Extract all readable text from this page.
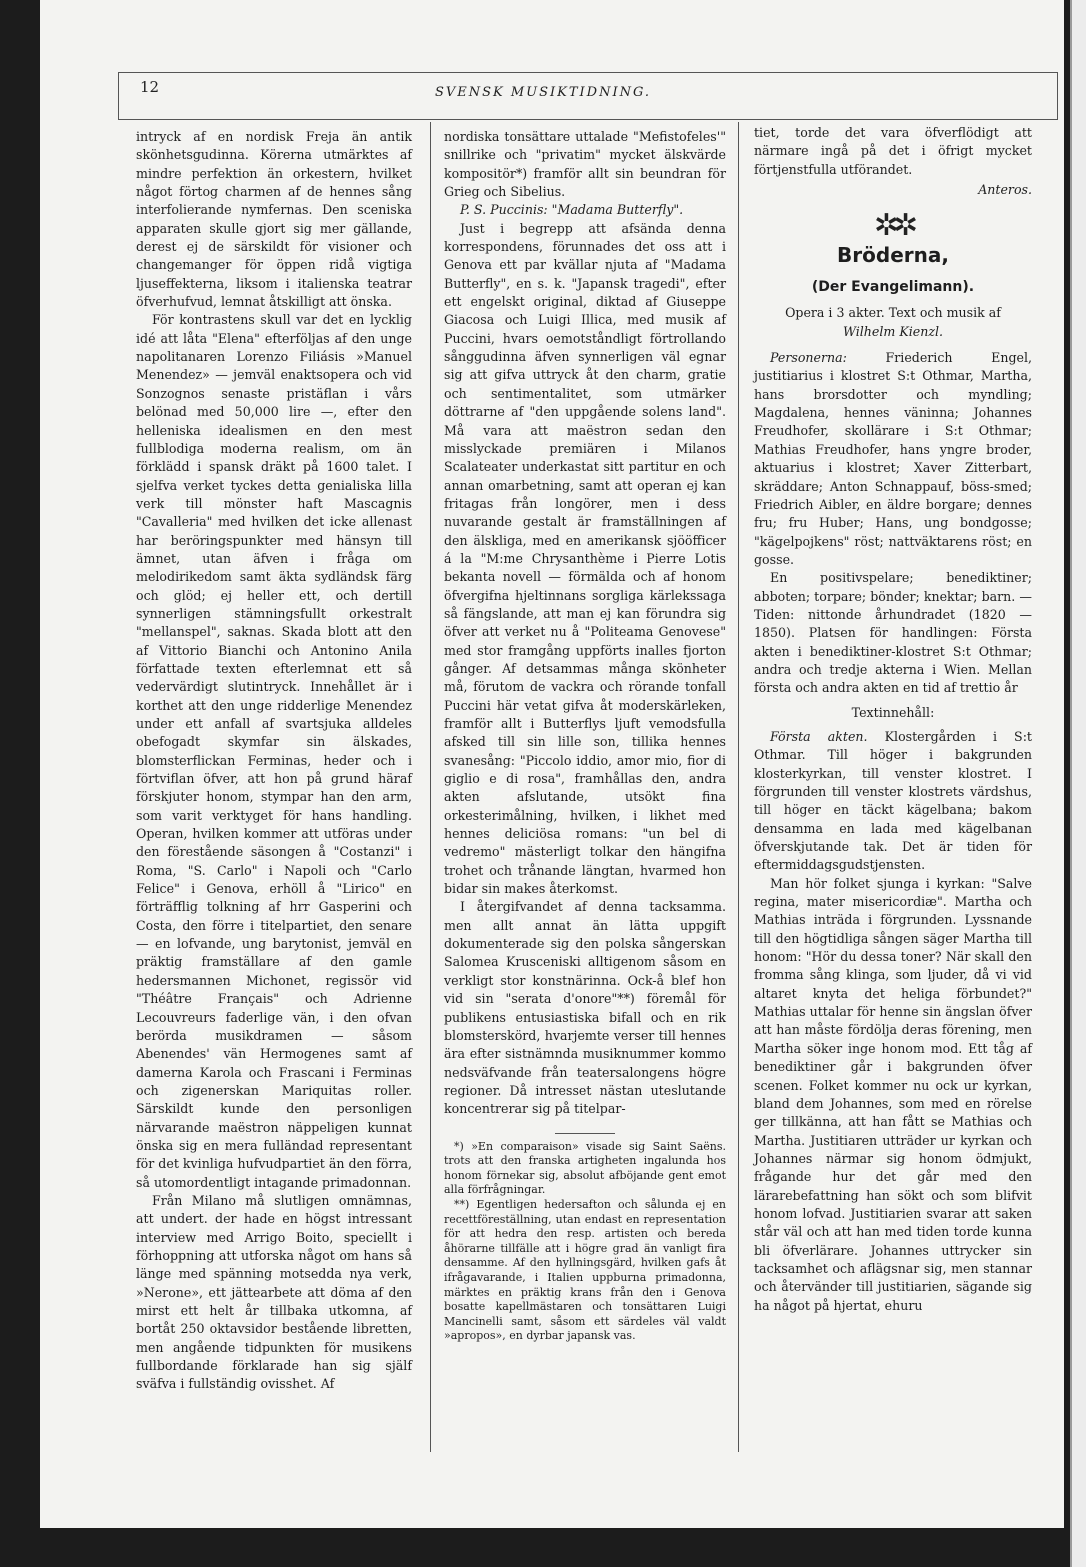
12	SVENSK MUSIKTIDNING.

intryck af en nordisk Freja än antik skönhetsgudinna. Körerna utmärktes af mindre perfektion än orkestern, hvilket något förtog charmen af de hennes sång interfolierande nymfernas. Den sceniska apparaten skulle gjort sig mer gällande, derest ej de särskildt för visioner och changemanger för öppen ridå vigtiga ljuseffekterna, liksom i italienska teatrar öfverhufvud, lemnat åtskilligt att önska.

För kontrastens skull var det en lycklig idé att låta "Elena" efterföljas af den unge napolitanaren Lorenzo Filiásis »Manuel Menendez» — jemväl enaktsopera och vid Sonzognos senaste pristäflan i vårs belönad med 50,000 lire —, efter den helleniska idealismen en den mest fullblodiga moderna realism, om än förklädd i spansk dräkt på 1600 talet. I sjelfva verket tyckes detta genialiska lilla verk till mönster haft Mascagnis "Cavalleria" med hvilken det icke allenast har beröringspunkter med hänsyn till ämnet, utan äfven i fråga om melodirikedom samt äkta sydländsk färg och glöd; ej heller ett, och dertill synnerligen stämningsfullt orkestralt "mellanspel", saknas. Skada blott att den af Vittorio Bianchi och Antonino Anila författade texten efterlemnat ett så vedervärdigt slutintryck. Innehållet är i korthet att den unge ridderlige Menendez under ett anfall af svartsjuka alldeles obefogadt skymfar sin älskades, blomsterflickan Ferminas, heder och i förtviflan öfver, att hon på grund häraf förskjuter honom, stympar han den arm, som varit verktyget för hans handling. Operan, hvilken kommer att utföras under den förestående säsongen å "Costanzi" i Roma, "S. Carlo" i Napoli och "Carlo Felice" i Genova, erhöll å "Lirico" en förträfflig tolkning af hrr Gasperini och Costa, den förre i titelpartiet, den senare — en lofvande, ung barytonist, jemväl en präktig framställare af den gamle hedersmannen Michonet, regissör vid "Théâtre Français" och Adrienne Lecouvreurs faderlige vän, i den ofvan berörda musikdramen — såsom Abenendes' vän Hermogenes samt af damerna Karola och Frascani i Ferminas och zigenerskan Mariquitas roller. Särskildt kunde den personligen närvarande maëstron näppeligen kunnat önska sig en mera fulländad representant för det kvinliga hufvudpartiet än den förra, så utomordentligt intagande primadonnan.

Från Milano må slutligen omnämnas, att undert. der hade en högst intressant interview med Arrigo Boito, speciellt i förhoppning att utforska något om hans så länge med spänning motsedda nya verk, »Nerone», ett jättearbete att döma af den mirst ett helt år tillbaka utkomna, af bortåt 250 oktavsidor bestående libretten, men angående tidpunkten för musikens fullbordande förklarade han sig själf sväfva i fullständig ovisshet. Af

nordiska tonsättare uttalade "Mefistofeles'" snillrike och "privatim" mycket älskvärde kompositör*) framför allt sin beundran för Grieg och Sibelius.

P. S. Puccinis: "Madama Butterfly".

Just i begrepp att afsända denna korrespondens, förunnades det oss att i Genova ett par kvällar njuta af "Madama Butterfly", en s. k. "Japansk tragedi", efter ett engelskt original, diktad af Giuseppe Giacosa och Luigi Illica, med musik af Puccini, hvars oemotståndligt förtrollando sånggudinna äfven synnerligen väl egnar sig att gifva uttryck åt den charm, gratie och sentimentalitet, som utmärker döttrarne af "den uppgående solens land". Må vara att maëstron sedan den misslyckade premiären i Milanos Scalateater underkastat sitt partitur en och annan omarbetning, samt att operan ej kan fritagas från longörer, men i dess nuvarande gestalt är framställningen af den älskliga, med en amerikansk sjööfficer á la "M:me Chrysanthème i Pierre Lotis bekanta novell — förmälda och af honom öfvergifna hjeltinnans sorgliga kärlekssaga så fängslande, att man ej kan förundra sig öfver att verket nu å "Politeama Genovese" med stor framgång uppförts inalles fjorton gånger. Af detsammas många skönheter må, förutom de vackra och rörande tonfall Puccini här vetat gifva åt moderskärleken, framför allt i Butterflys ljuft vemodsfulla afsked till sin lille son, tillika hennes svanesång: "Piccolo iddio, amor mio, fior di giglio e di rosa", framhållas den, andra akten afslutande, utsökt fina orkesterimålning, hvilken, i likhet med hennes deliciösa romans: "un bel di vedremo" mästerligt tolkar den hängifna trohet och trånande längtan, hvarmed hon bidar sin makes återkomst.

I återgifvandet af denna tacksamma. men allt annat än lätta uppgift dokumenterade sig den polska sångerskan Salomea Krusceniski alltigenom såsom en verkligt stor konstnärinna. Ock-å blef hon vid sin "serata d'onore"**) föremål för publikens entusiastiska bifall och en rik blomsterskörd, hvarjemte verser till hennes ära efter sistnämnda musiknummer kommo nedsväfvande från teatersalongens högre regioner. Då intresset nästan uteslutande koncentrerar sig på titelpar-

*) »En comparaison» visade sig Saint Saëns. trots att den franska artigheten ingalunda hos honom förnekar sig, absolut afböjande gent emot alla förfrågningar.

**) Egentligen hedersafton och sålunda ej en recettföreställning, utan endast en representation för att hedra den resp. artisten och bereda åhörarne tillfälle att i högre grad än vanligt fira densamme. Af den hyllningsgärd, hvilken gafs åt ifrågavarande, i Italien uppburna primadonna, märktes en präktig krans från den i Genova bosatte kapellmästaren och tonsättaren Luigi Mancinelli samt, såsom ett särdeles väl valdt »apropos», en dyrbar japansk vas.

tiet, torde det vara öfverflödigt att närmare ingå på det i öfrigt mycket förtjenstfulla utförandet.

Anteros.
✲✲
Bröderna,
(Der Evangelimann).

Opera i 3 akter. Text och musik af

Wilhelm Kienzl.

Personerna:	Friederich Engel, justitiarius i klostret S:t Othmar, Martha, hans brorsdotter och myndling; Magdalena, hennes väninna; Johannes Freudhofer, skollärare i S:t Othmar; Mathias Freudhofer, hans yngre broder, aktuarius i klostret; Xaver Zitterbart, skräddare; Anton Schnappauf, böss-smed; Friedrich Aibler, en äldre borgare; dennes fru; fru Huber; Hans, ung bondgosse; "kägelpojkens" röst; nattväktarens röst; en gosse.

En positivspelare; benediktiner; abboten; torpare; bönder; knektar; barn. — Tiden: nittonde århundradet (1820 —1850). Platsen för handlingen: Första akten i benediktiner-klostret S:t Othmar; andra och tredje akterna i Wien. Mellan första och andra akten en tid af trettio år

Textinnehåll:

Första akten. Klostergården i S:t Othmar. Till höger i bakgrunden klosterkyrkan, till venster klostret. I förgrunden till venster klostrets värdshus, till höger en täckt kägelbana; bakom densamma en lada med kägelbanan öfverskjutande tak. Det är tiden för eftermiddagsgudstjensten.

Man hör folket sjunga i kyrkan: "Salve regina, mater misericordiæ". Martha och Mathias inträda i förgrunden. Lyssnande till den högtidliga sången säger Martha till honom: "Hör du dessa toner? När skall den fromma sång klinga, som ljuder, då vi vid altaret knyta det heliga förbundet?" Mathias uttalar för henne sin ängslan öfver att han måste fördölja deras förening, men Martha söker inge honom mod. Ett tåg af benediktiner går i bakgrunden öfver scenen. Folket kommer nu ock ur kyrkan, bland dem Johannes, som med en rörelse ger tillkänna, att han fått se Mathias och Martha. Justitiaren utträder ur kyrkan och Johannes närmar sig honom ödmjukt, frågande hur det går med den lärarebefattning han sökt och som blifvit honom lofvad. Justitiarien svarar att saken står väl och att han med tiden torde kunna bli öfverlärare. Johannes uttrycker sin tacksamhet och aflägsnar sig, men stannar och återvänder till justitiarien, sägande sig ha något på hjertat, ehuru
